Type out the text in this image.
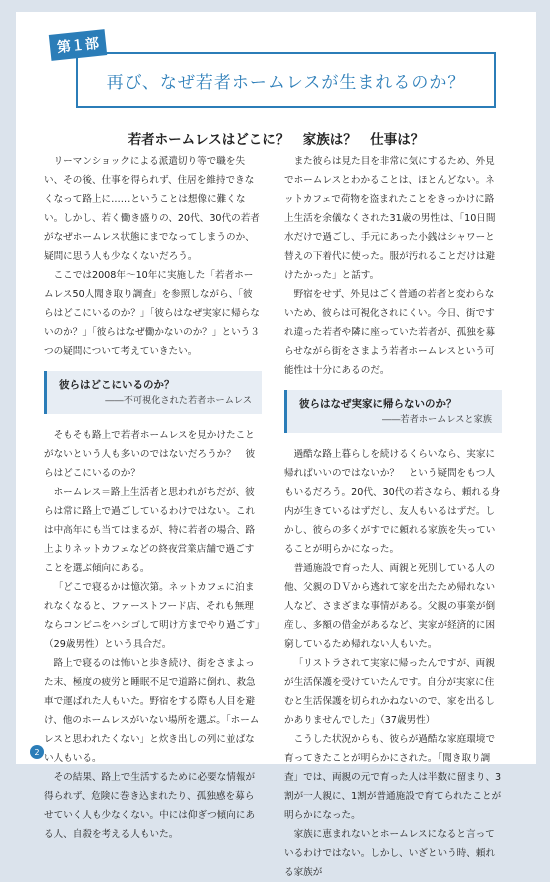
第１部
再び、なぜ若者ホームレスが生まれるのか？
若者ホームレスはどこに？　家族は？　仕事は？

リーマンショックによる派遣切り等で職を失い、その後、仕事を得られず、住居を維持できなくなって路上に……ということは想像に難くない。しかし、若く働き盛りの、20代、30代の若者がなぜホームレス状態にまでなってしまうのか、疑問に思う人も少なくないだろう。

ここでは2008年～10年に実施した「若者ホームレス50人聞き取り調査」を参照しながら、「彼らはどこにいるのか？」「彼らはなぜ実家に帰らないのか？」「彼らはなぜ働かないのか？」という３つの疑問について考えていきたい。

彼らはどこにいるのか？
――不可視化された若者ホームレス

そもそも路上で若者ホームレスを見かけたことがないという人も多いのではないだろうか？　彼らはどこにいるのか？

ホームレス＝路上生活者と思われがちだが、彼らは常に路上で過ごしているわけではない。これは中高年にも当てはまるが、特に若者の場合、路上よりネットカフェなどの終夜営業店舗で過ごすことを選ぶ傾向にある。

「どこで寝るかは憶次第。ネットカフェに泊まれなくなると、ファーストフード店、それも無理ならコンビニをハシゴして明け方までやり過ごす」（29歳男性）という具合だ。

路上で寝るのは怖いと歩き続け、街をさまよった末、極度の疲労と睡眠不足で道路に倒れ、救急車で運ばれた人もいた。野宿をする際も人目を避け、他のホームレスがいない場所を選ぶ。「ホームレスと思われたくない」と炊き出しの列に並ばない人もいる。

その結果、路上で生活するために必要な情報が得られず、危険に巻き込まれたり、孤独感を募らせていく人も少なくない。中には仰ぎつ傾向にある人、自殺を考える人もいた。

また彼らは見た目を非常に気にするため、外見でホームレスとわかることは、ほとんどない。ネットカフェで荷物を盗まれたことをきっかけに路上生活を余儀なくされた31歳の男性は、「10日間水だけで過ごし、手元にあった小銭はシャワーと替えの下着代に使った。服が汚れることだけは避けたかった」と話す。

野宿をせず、外見はごく普通の若者と変わらないため、彼らは可視化されにくい。今日、街ですれ違った若者や隣に座っていた若者が、孤独を募らせながら街をさまよう若者ホームレスという可能性は十分にあるのだ。

彼らはなぜ実家に帰らないのか？
――若者ホームレスと家族

過酷な路上暮らしを続けるくらいなら、実家に帰ればいいのではないか？　という疑問をもつ人もいるだろう。20代、30代の若さなら、頼れる身内が生きているはずだし、友人もいるはずだ。しかし、彼らの多くがすでに頼れる家族を失っていることが明らかになった。

普通施設で育った人、両親と死別している人の他、父親のＤＶから逃れて家を出たため帰れない人など、さまざまな事情がある。父親の事業が倒産し、多額の借金があるなど、実家が経済的に困窮しているため帰れない人もいた。

「リストラされて実家に帰ったんですが、両親が生活保護を受けていたんです。自分が実家に住むと生活保護を切られかねないので、家を出るしかありませんでした」（37歳男性）

こうした状況からも、彼らが過酷な家庭環境で育ってきたことが明らかにされた。「聞き取り調査」では、両親の元で育った人は半数に留まり、3割が一人親に、1割が普通施設で育てられたことが明らかになった。

家族に恵まれないとホームレスになると言っているわけではない。しかし、いざという時、頼れる家族が

2
